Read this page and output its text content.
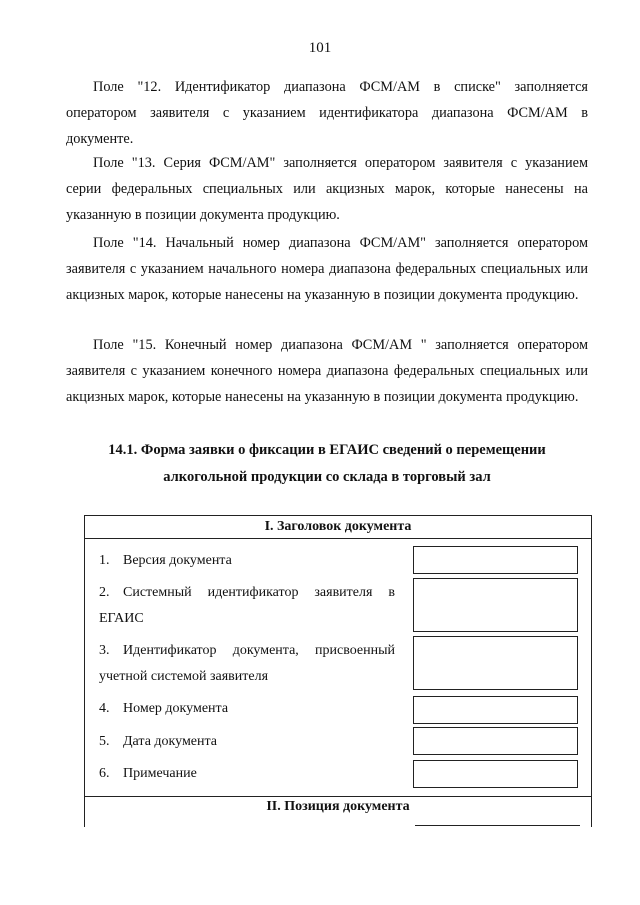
101
Поле "12. Идентификатор диапазона ФСМ/АМ в списке" заполняется оператором заявителя с указанием идентификатора диапазона ФСМ/АМ в документе.
Поле "13. Серия ФСМ/АМ" заполняется оператором заявителя с указанием серии федеральных специальных или акцизных марок, которые нанесены на указанную в позиции документа продукцию.
Поле "14. Начальный номер диапазона ФСМ/АМ" заполняется оператором заявителя с указанием начального номера диапазона федеральных специальных или акцизных марок, которые нанесены на указанную в позиции документа продукцию.
Поле "15. Конечный номер диапазона ФСМ/АМ " заполняется оператором заявителя с указанием конечного номера диапазона федеральных специальных или акцизных марок, которые нанесены на указанную в позиции документа продукцию.
14.1. Форма заявки о фиксации в ЕГАИС сведений о перемещении
алкогольной продукции со склада в торговый зал
I. Заголовок документа
1. Версия документа
2. Системный идентификатор заявителя в ЕГАИС
3. Идентификатор документа, присвоенный учетной системой заявителя
4. Номер документа
5. Дата документа
6. Примечание
II. Позиция документа
